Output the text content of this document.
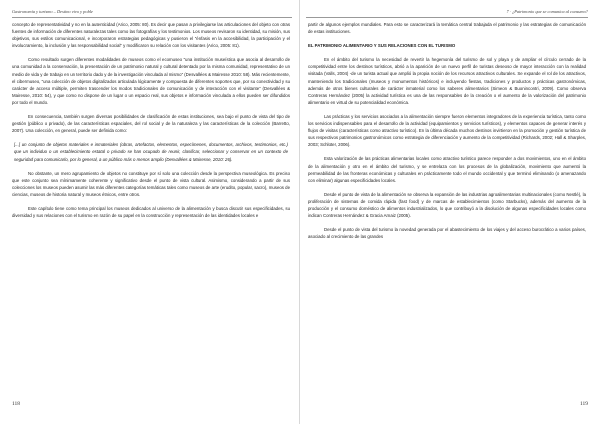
Gastronomía y turismo – Destino vivo y poble

concepto de representatividad y no en la autenticidad (Arico, 2005: 80). Es decir que pasan a privilegiarse las articulaciones del objeto con otras fuentes de información de diferentes naturalezas tales como las fotografías y los testimonios. Los museos revisaron su identidad, su misión, sus objetivos, sus estilos comunicacional, e incorporaron estrategias pedagógicas y pusieron el “énfasis en la accesibilidad, la participación y el involucramiento, la inclusión y las responsabilidad social” y modificaron su relación con los visitantes (Arico, 2005: 81).

Como resultado surgen diferentes modalidades de museos como el ecomuseo “una institución museística que asocia al desarrollo de una comunidad a la conservación, la presentación de un patrimonio natural y cultural detentado por la misma comunidad, representativo de un medio de vida y de trabajo en un territorio dado y de la investigación vinculada al mismo” (Desvallées & Mairesse 2010: 58). Más recientemente, el cibermuseo, “una colección de objetos digitalizados articulada lógicamente y compuesta de diferentes soportes que, por su conectividad y su carácter de acceso múltiple, permiten trascender los modos tradicionales de comunicación y de interacción con el visitante” (Desvallées & Mairesse, 2010: 54), y que como no dispone de un lugar o un espacio real, sus objetos e información vinculada a ellos pueden ser difundidos por todo el mundo.

En consecuencia, también surgen diversas posibilidades de clasificación de estas instituciones, sea bajo el punto de vista del tipo de gestión (público o privado), de las características espaciales, del rol social y de la naturaleza y las características de la colección (Barretto, 2007). Una colección, en general, puede ser definida como:

[...] un conjunto de objetos materiales e inmateriales (obras, artefactos, elementos, especímenes, documentos, archivos, testimonios, etc.) que un individuo o un establecimiento estatal o privado se han ocupado de reunir, clasificar, seleccionar y conservar en un contexto de seguridad para comunicarlo, por lo general, a un público más o menos amplio (Desvallées & Mairesse, 2010: 26).

No obstante, un mero agrupamiento de objetos no constituye por sí solo una colección desde la perspectiva museológica. Es preciso que este conjunto sea mínimamente coherente y significativo desde el punto de vista cultural. Asimismo, considerando a partir de sus colecciones los museos pueden asumir las más diferentes categorías temáticas tales como museos de arte (erudito, popular, sacro), museos de ciencias, museos de historia natural y museos étnicos, entre otros.

Este capítulo tiene como tema principal los museos dedicados al universo de la alimentación y busca discutir sus especificidades, su diversidad y sus relaciones con el turismo en razón de su papel en la construcción y representación de las identidades locales e

118
7 · ¿Patrimonio que se comunica al consumo?

partir de algunos ejemplos mundiales. Para esto se caracterizará la temática central trabajada el patrimonio y las estrategias de comunicación de estas instituciones.

EL PATRIMONIO ALIMENTARIO Y SUS RELACIONES CON EL TURISMO

En el ámbito del turismo la necesidad de revertir la hegemonía del turismo de sol y playa y de ampliar el círculo cerrado de la competitividad entre los destinos turísticos, abrió a la aparición de un nuevo perfil de turistas deseoso de mayor interacción con la realidad visitada (Valls, 2004) -de un turista actual que amplió la propia noción de los recursos atractivos culturales. Se expande el rol de los atractivos, manteniendo los tradicionales (museos y monumentos históricos) e incluyendo fiestas, tradiciones y productos y prácticas gastronómicas, además de otros bienes culturales de carácter inmaterial como los saberes alimentarios (Simeon & Buonincontri, 2009). Como observa Contreras Hernández (2005) la actividad turística es una de las responsables de la creación o el aumento de la valorización del patrimonio alimentario en virtud de su potencialidad económica.

Las prácticas y los servicios asociados a la alimentación siempre fueron elementos integradores de la experiencia turística, tanto como los servicios indispensables para el desarrollo de la actividad (equipamientos y servicios turísticos), y elementos capaces de generar interés y flujos de visitas (características como atractivo turístico). En la última década muchos destinos invirtieron en la promoción y gestión turística de sus respectivos patrimonios gastronómicos como estrategia de diferenciación y aumento de la competitividad (Richards, 2002; Hall & Sharples, 2003; Schlüter, 2006).

Esta valorización de las prácticas alimentarias locales como atractivo turístico parece responder a dos movimientos, uno en el ámbito de la alimentación y otro en el ámbito del turismo, y se entrelaza con los procesos de la globalización, movimiento que aumentó la permeabilidad de las fronteras económicas y culturales en prácticamente todo el mundo occidental y que terminó eliminando (o amenazando con eliminar) algunas especificidades locales.

Desde el punto de vista de la alimentación se observa la expansión de las industrias agroalimentarias multinacionales (como Nestlé), la proliferación de sistemas de comida rápida (fast food) y de marcas de establecimientos (como Starbucks), además del aumento de la producción y el consumo doméstico de alimentos industrializados, lo que contribuyó a la disolución de algunas especificidades locales como indican Contreras Hernández & Gracia Arnaiz (2005).

Desde el punto de vista del turismo la novedad generada por el abastecimiento de los viajes y del acceso burocrático a varios países, asociado al crecimiento de las grandes

119
